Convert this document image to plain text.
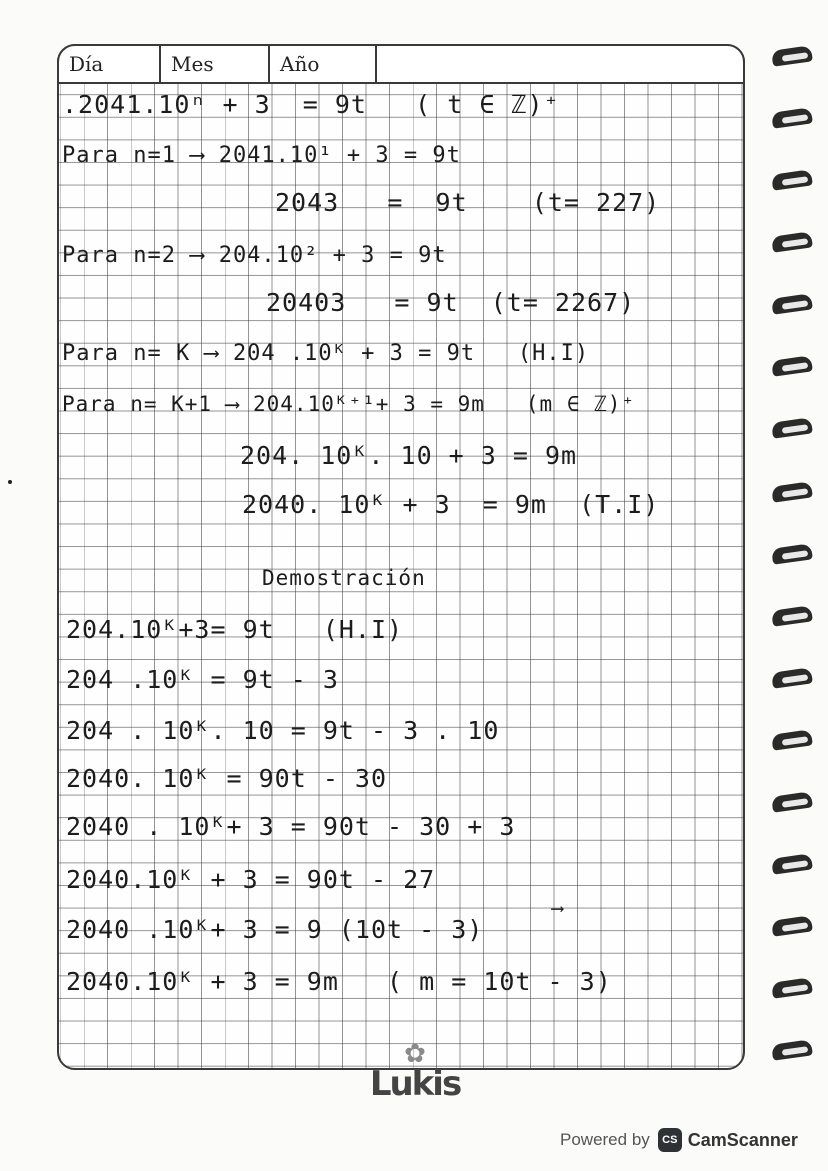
Día	Mes	Año
.2041.10ⁿ + 3  = 9t   ( t ∈ ℤ)⁺
Para n=1 ⟶ 2041.10¹ + 3 = 9t
2043   =  9t    (t= 227)
Para n=2 ⟶ 204.10² + 3 = 9t
20403   = 9t  (t= 2267)
Para n= K ⟶ 204 .10ᴷ + 3 = 9t   (H.I)
Para n= K+1 ⟶ 204.10ᴷ⁺¹+ 3 = 9m   (m ∈ ℤ)⁺
204. 10ᴷ. 10 + 3 = 9m
2040. 10ᴷ + 3  = 9m  (T.I)
Demostración
204.10ᴷ+3= 9t   (H.I)
204 .10ᴷ = 9t - 3
204 . 10ᴷ. 10 = 9t - 3 . 10
2040. 10ᴷ = 90t - 30
2040 . 10ᴷ+ 3 = 90t - 30 + 3
2040.10ᴷ + 3 = 90t - 27
2040 .10ᴷ+ 3 = 9 (10t - 3)
2040.10ᴷ + 3 = 9m   ( m = 10t - 3)
⟶
✿
Lukis
Powered by	CS CamScanner
